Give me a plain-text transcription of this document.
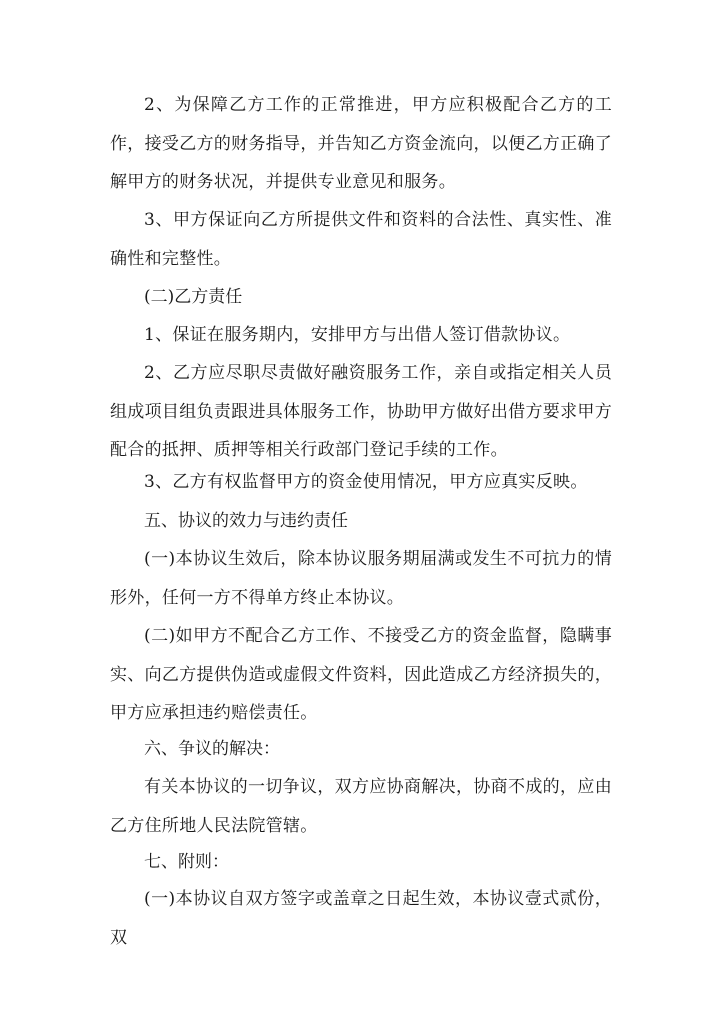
2、为保障乙方工作的正常推进，甲方应积极配合乙方的工作，接受乙方的财务指导，并告知乙方资金流向，以便乙方正确了解甲方的财务状况，并提供专业意见和服务。

3、甲方保证向乙方所提供文件和资料的合法性、真实性、准确性和完整性。

(二)乙方责任

1、保证在服务期内，安排甲方与出借人签订借款协议。

2、乙方应尽职尽责做好融资服务工作，亲自或指定相关人员组成项目组负责跟进具体服务工作，协助甲方做好出借方要求甲方配合的抵押、质押等相关行政部门登记手续的工作。

3、乙方有权监督甲方的资金使用情况，甲方应真实反映。

五、协议的效力与违约责任

(一)本协议生效后，除本协议服务期届满或发生不可抗力的情形外，任何一方不得单方终止本协议。

(二)如甲方不配合乙方工作、不接受乙方的资金监督，隐瞒事实、向乙方提供伪造或虚假文件资料，因此造成乙方经济损失的，甲方应承担违约赔偿责任。

六、争议的解决：

有关本协议的一切争议，双方应协商解决，协商不成的，应由乙方住所地人民法院管辖。

七、附则：

(一)本协议自双方签字或盖章之日起生效，本协议壹式贰份，双
